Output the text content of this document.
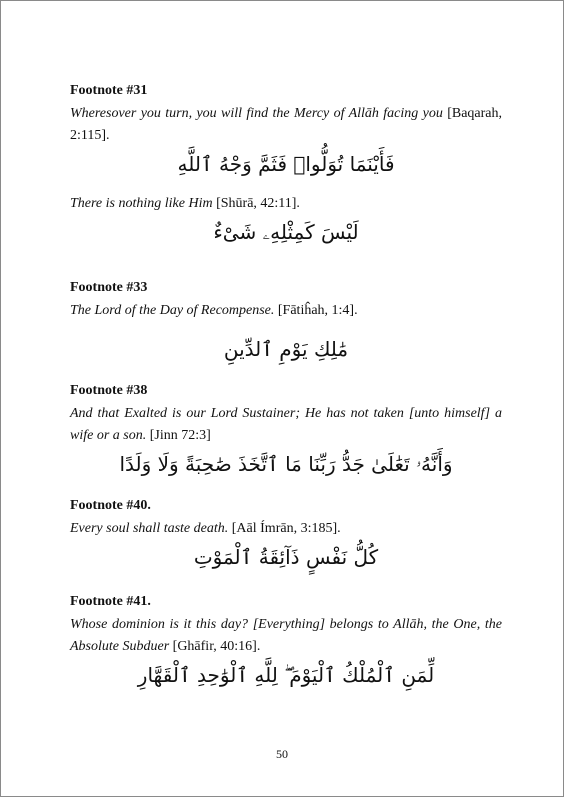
Footnote #31

Wheresover you turn, you will find the Mercy of Allāh facing you [Baqarah, 2:115].

فَأَيْنَمَا تُوَلُّوا۟ فَثَمَّ وَجْهُ ٱللَّهِ

There is nothing like Him [Shūrā, 42:11].

لَيْسَ كَمِثْلِهِۦ شَىْءٌ
Footnote #33

The Lord of the Day of Recompense. [Fātiĥah, 1:4].

مَٰلِكِ يَوْمِ ٱلدِّينِ
Footnote #38

And that Exalted is our Lord Sustainer; He has not taken [unto himself] a wife or a son. [Jinn 72:3]

وَأَنَّهُۥ تَعَٰلَىٰ جَدُّ رَبِّنَا مَا ٱتَّخَذَ صَٰحِبَةً وَلَا وَلَدًا
Footnote #40.

Every soul shall taste death. [Aāl Ímrān, 3:185].

كُلُّ نَفْسٍ ذَآئِقَةُ ٱلْمَوْتِ
Footnote #41.

Whose dominion is it this day? [Everything] belongs to Allāh, the One, the Absolute Subduer [Ghāfir, 40:16].

لِّمَنِ ٱلْمُلْكُ ٱلْيَوْمَ ۖ لِلَّهِ ٱلْوَٰحِدِ ٱلْقَهَّارِ
50
